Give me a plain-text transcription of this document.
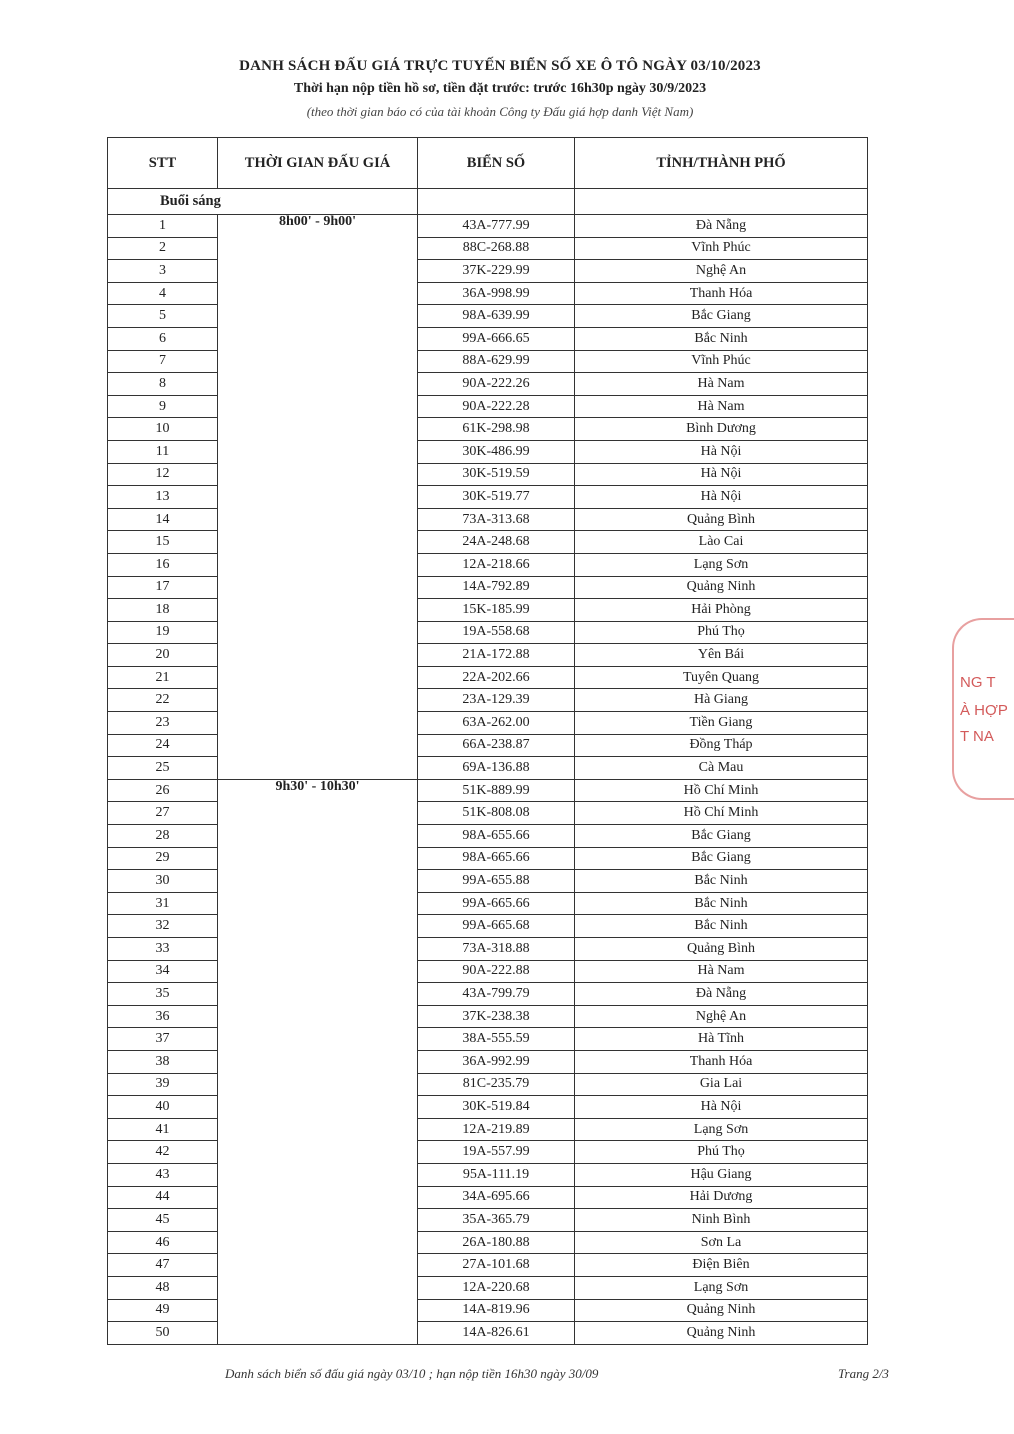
DANH SÁCH ĐẤU GIÁ TRỰC TUYẾN BIỂN SỐ XE Ô TÔ NGÀY 03/10/2023
Thời hạn nộp tiền hồ sơ, tiền đặt trước: trước 16h30p ngày 30/9/2023
(theo thời gian báo có của tài khoản Công ty Đấu giá hợp danh Việt Nam)
STT	THỜI GIAN ĐẤU GIÁ	BIỂN SỐ	TỈNH/THÀNH PHỐ
Buổi sáng			
1	8h00' - 9h00'	43A-777.99	Đà Nẵng
2		88C-268.88	Vĩnh Phúc
3		37K-229.99	Nghệ An
4		36A-998.99	Thanh Hóa
5		98A-639.99	Bắc Giang
6		99A-666.65	Bắc Ninh
7		88A-629.99	Vĩnh Phúc
8		90A-222.26	Hà Nam
9		90A-222.28	Hà Nam
10		61K-298.98	Bình Dương
11		30K-486.99	Hà Nội
12		30K-519.59	Hà Nội
13		30K-519.77	Hà Nội
14		73A-313.68	Quảng Bình
15		24A-248.68	Lào Cai
16		12A-218.66	Lạng Sơn
17		14A-792.89	Quảng Ninh
18		15K-185.99	Hải Phòng
19		19A-558.68	Phú Thọ
20		21A-172.88	Yên Bái
21		22A-202.66	Tuyên Quang
22		23A-129.39	Hà Giang
23		63A-262.00	Tiền Giang
24		66A-238.87	Đồng Tháp
25		69A-136.88	Cà Mau
26	9h30' - 10h30'	51K-889.99	Hồ Chí Minh
27		51K-808.08	Hồ Chí Minh
28		98A-655.66	Bắc Giang
29		98A-665.66	Bắc Giang
30		99A-655.88	Bắc Ninh
31		99A-665.66	Bắc Ninh
32		99A-665.68	Bắc Ninh
33		73A-318.88	Quảng Bình
34		90A-222.88	Hà Nam
35		43A-799.79	Đà Nẵng
36		37K-238.38	Nghệ An
37		38A-555.59	Hà Tĩnh
38		36A-992.99	Thanh Hóa
39		81C-235.79	Gia Lai
40		30K-519.84	Hà Nội
41		12A-219.89	Lạng Sơn
42		19A-557.99	Phú Thọ
43		95A-111.19	Hậu Giang
44		34A-695.66	Hải Dương
45		35A-365.79	Ninh Bình
46		26A-180.88	Sơn La
47		27A-101.68	Điện Biên
48		12A-220.68	Lạng Sơn
49		14A-819.96	Quảng Ninh
50		14A-826.61	Quảng Ninh
Danh sách biển số đấu giá ngày 03/10 ; hạn nộp tiền 16h30 ngày 30/09	Trang 2/3
NG T
À HỢP
T NA
